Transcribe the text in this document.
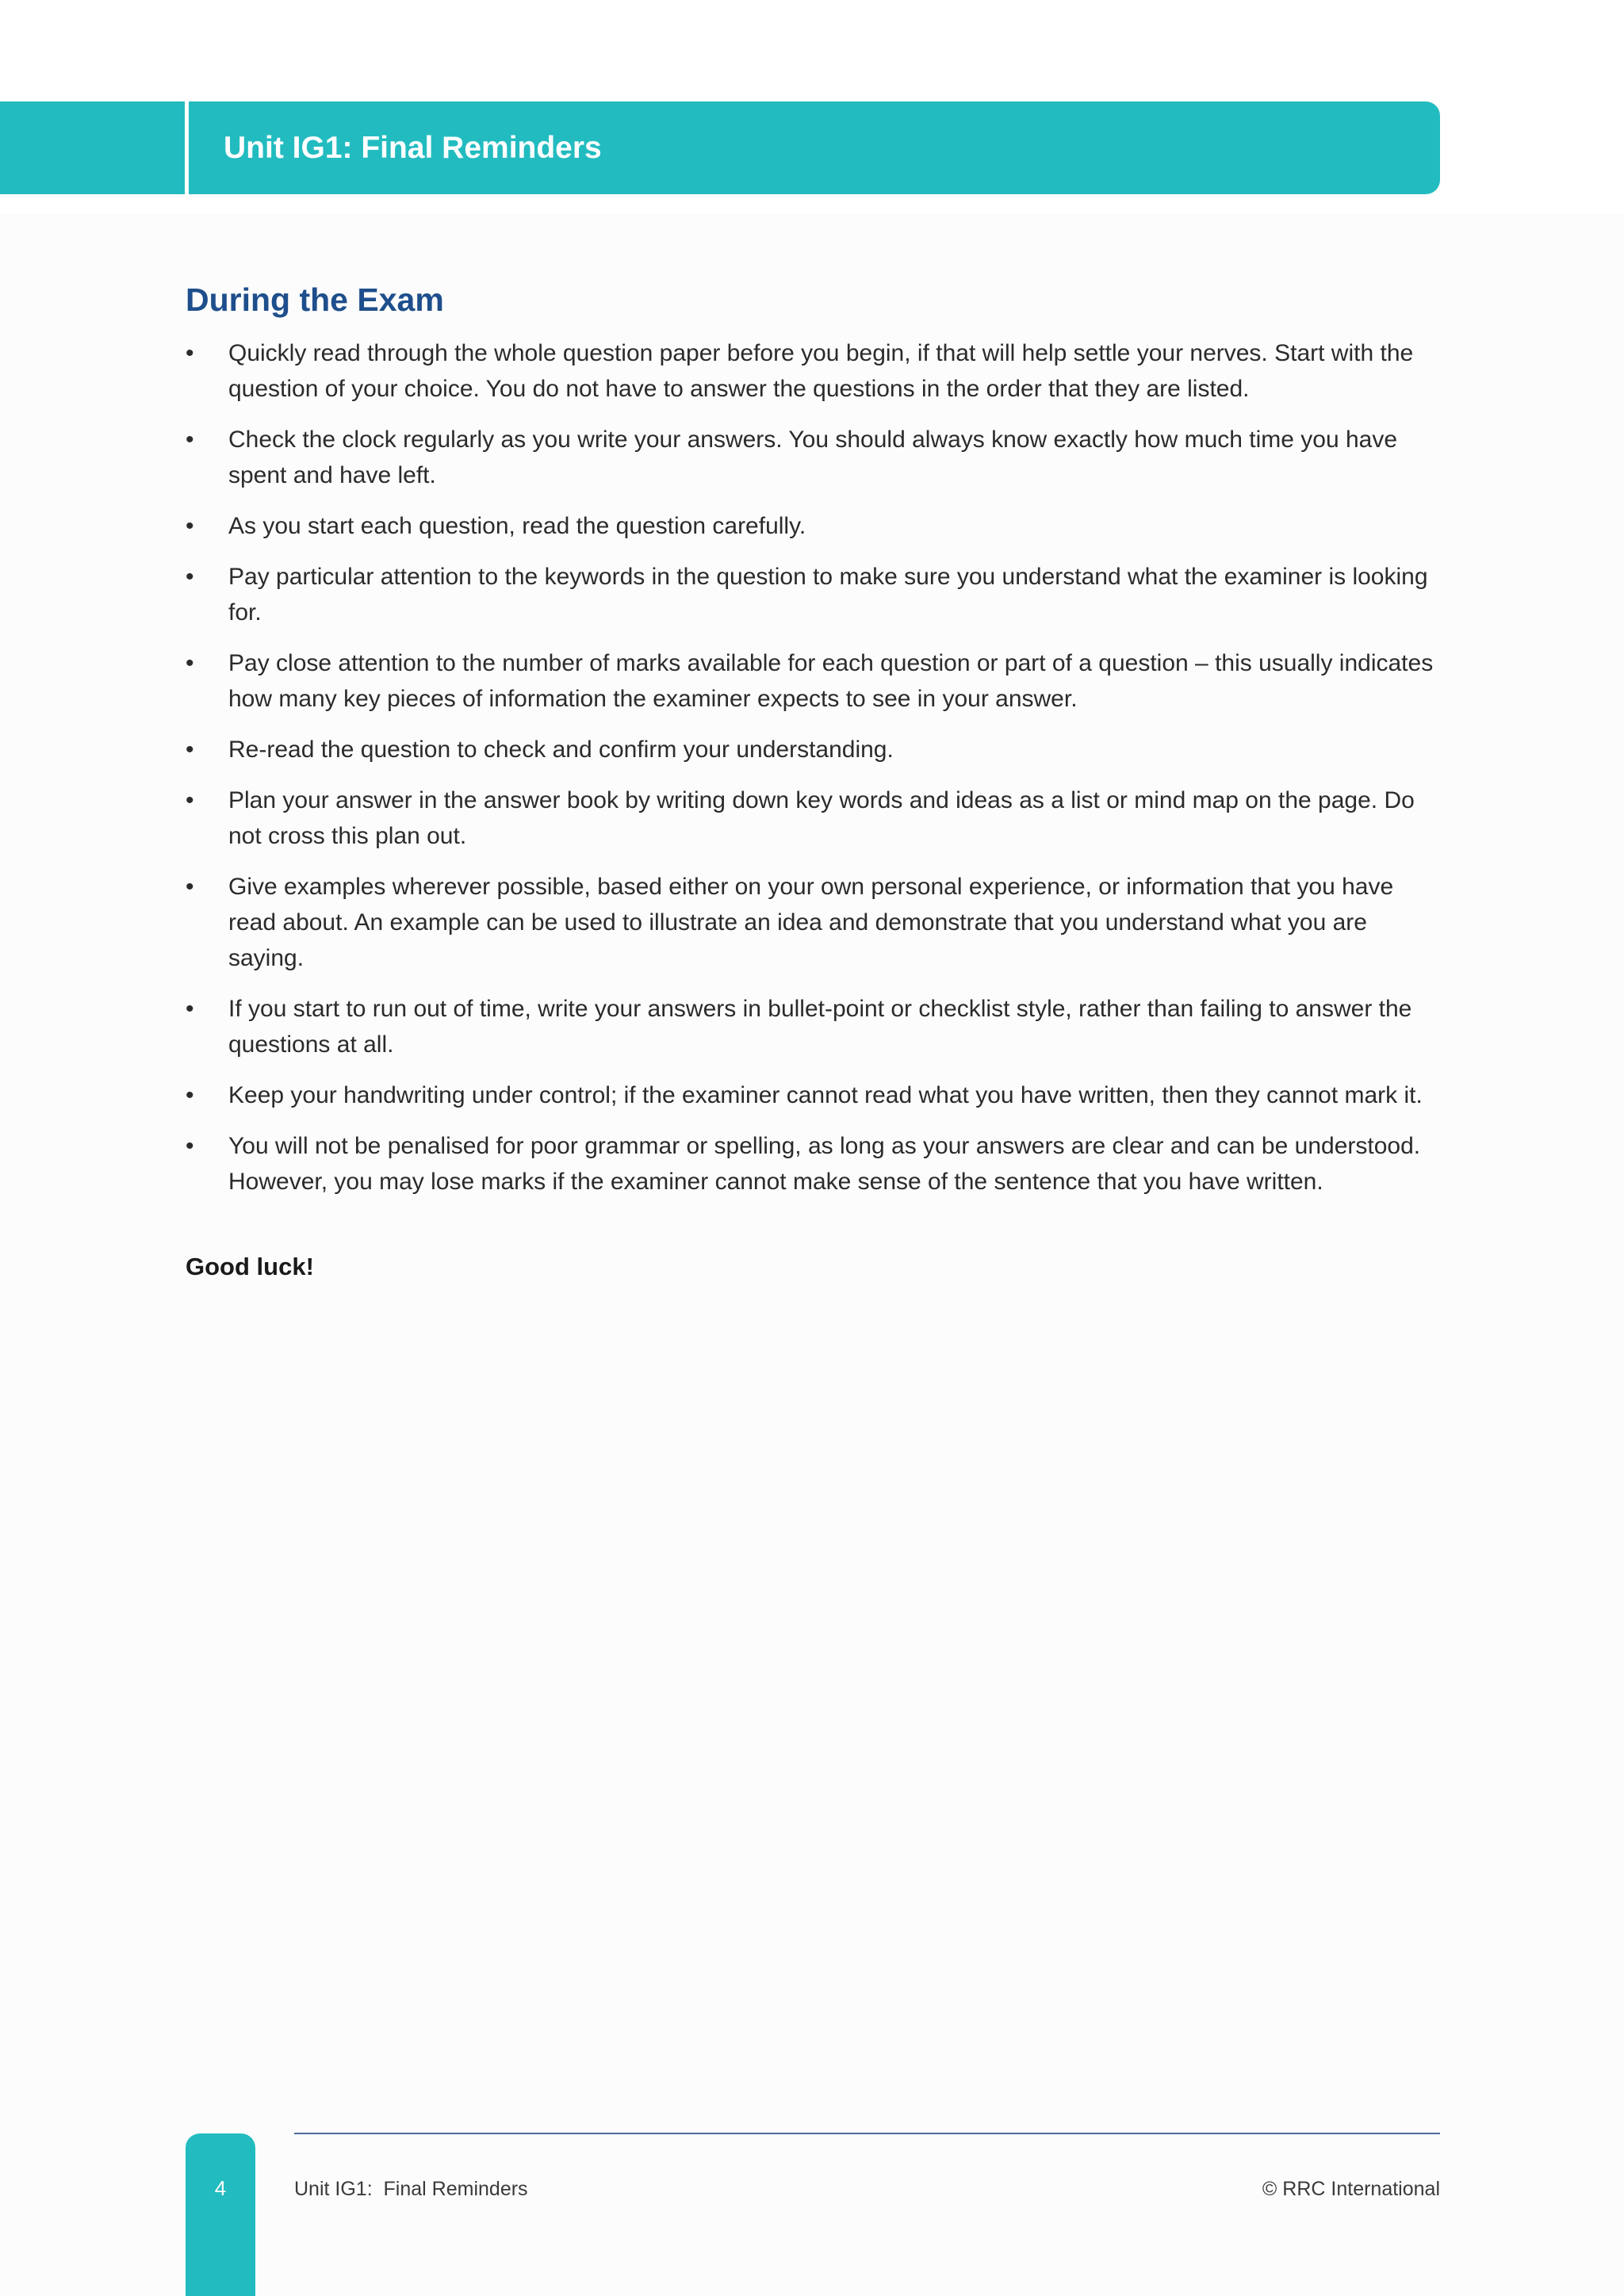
Unit IG1: Final Reminders
During the Exam
•	Quickly read through the whole question paper before you begin, if that will help settle your nerves. Start with the question of your choice. You do not have to answer the questions in the order that they are listed.
•	Check the clock regularly as you write your answers. You should always know exactly how much time you have spent and have left.
•	As you start each question, read the question carefully.
•	Pay particular attention to the keywords in the question to make sure you understand what the examiner is looking for.
•	Pay close attention to the number of marks available for each question or part of a question – this usually indicates how many key pieces of information the examiner expects to see in your answer.
•	Re-read the question to check and confirm your understanding.
•	Plan your answer in the answer book by writing down key words and ideas as a list or mind map on the page. Do not cross this plan out.
•	Give examples wherever possible, based either on your own personal experience, or information that you have read about. An example can be used to illustrate an idea and demonstrate that you understand what you are saying.
•	If you start to run out of time, write your answers in bullet-point or checklist style, rather than failing to answer the questions at all.
•	Keep your handwriting under control; if the examiner cannot read what you have written, then they cannot mark it.
•	You will not be penalised for poor grammar or spelling, as long as your answers are clear and can be understood. However, you may lose marks if the examiner cannot make sense of the sentence that you have written.
Good luck!
4	Unit IG1:  Final Reminders	© RRC International
